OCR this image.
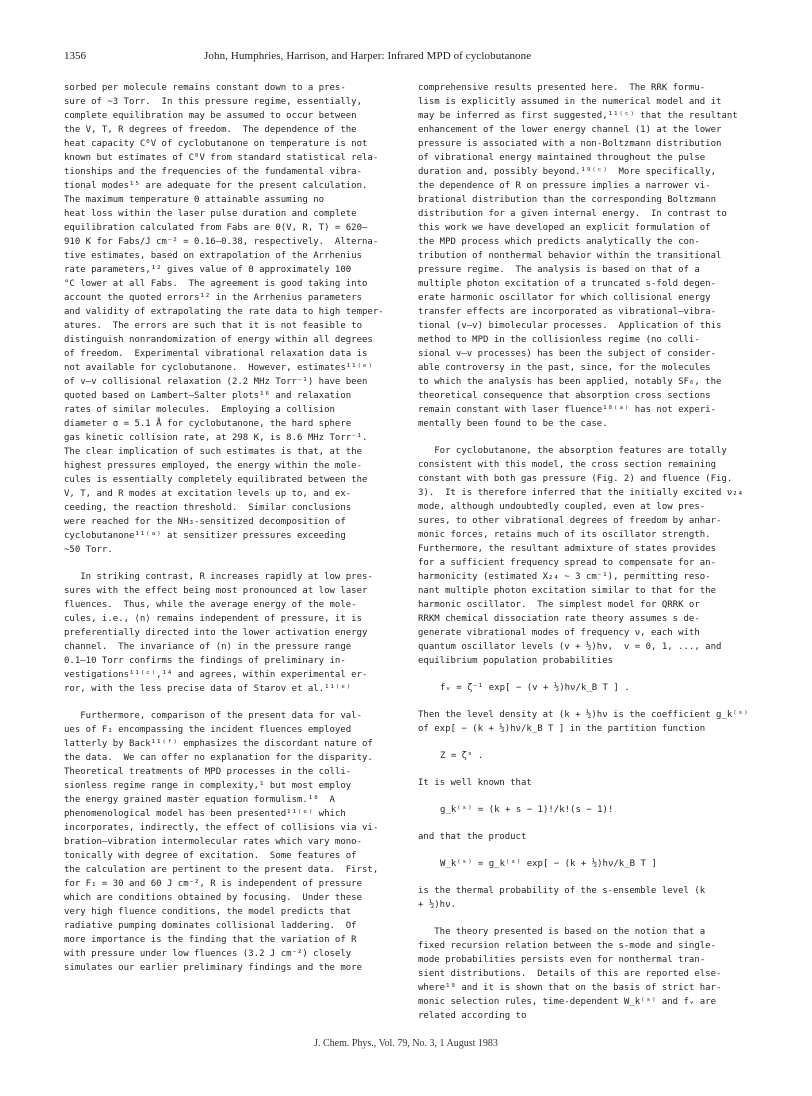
1356	John, Humphries, Harrison, and Harper: Infrared MPD of cyclobutanone
sorbed per molecule remains constant down to a pres-
sure of ~3 Torr.  In this pressure regime, essentially,
complete equilibration may be assumed to occur between
the V, T, R degrees of freedom.  The dependence of the
heat capacity C⁰V of cyclobutanone on temperature is not
known but estimates of C⁰V from standard statistical rela-
tionships and the frequencies of the fundamental vibra-
tional modes¹⁵ are adequate for the present calculation.
The maximum temperature Θ attainable assuming no
heat loss within the laser pulse duration and complete
equilibration calculated from Fabs are Θ(V, R, T) = 620–
910 K for Fabs/J cm⁻² = 0.16–0.38, respectively.  Alterna-
tive estimates, based on extrapolation of the Arrhenius
rate parameters,¹² gives value of Θ approximately 100
°C lower at all Fabs.  The agreement is good taking into
account the quoted errors¹² in the Arrhenius parameters
and validity of extrapolating the rate data to high temper-
atures.  The errors are such that it is not feasible to
distinguish nonrandomization of energy within all degrees
of freedom.  Experimental vibrational relaxation data is
not available for cyclobutanone.  However, estimates¹¹⁽ᵉ⁾
of v–v collisional relaxation (2.2 MHz Torr⁻¹) have been
quoted based on Lambert–Salter plots¹⁶ and relaxation
rates of similar molecules.  Employing a collision
diameter σ = 5.1 Å for cyclobutanone, the hard sphere
gas kinetic collision rate, at 298 K, is 8.6 MHz Torr⁻¹.
The clear implication of such estimates is that, at the
highest pressures employed, the energy within the mole-
cules is essentially completely equilibrated between the
V, T, and R modes at excitation levels up to, and ex-
ceeding, the reaction threshold.  Similar conclusions
were reached for the NH₃-sensitized decomposition of
cyclobutanone¹¹⁽ᵃ⁾ at sensitizer pressures exceeding
~50 Torr.
In striking contrast, R increases rapidly at low pres-
sures with the effect being most pronounced at low laser
fluences.  Thus, while the average energy of the mole-
cules, i.e., ⟨n⟩ remains independent of pressure, it is
preferentially directed into the lower activation energy
channel.  The invariance of ⟨n⟩ in the pressure range
0.1–10 Torr confirms the findings of preliminary in-
vestigations¹¹⁽ᶜ⁾,¹⁴ and agrees, within experimental er-
ror, with the less precise data of Starov et al.¹¹⁽ᵉ⁾
Furthermore, comparison of the present data for val-
ues of F₁ encompassing the incident fluences employed
latterly by Back¹¹⁽ᶠ⁾ emphasizes the discordant nature of
the data.  We can offer no explanation for the disparity.
Theoretical treatments of MPD processes in the colli-
sionless regime range in complexity,¹ but most employ
the energy grained master equation formulism.¹⁸  A
phenomenological model has been presented¹¹⁽ᵉ⁾ which
incorporates, indirectly, the effect of collisions via vi-
bration–vibration intermolecular rates which vary mono-
tonically with degree of excitation.  Some features of
the calculation are pertinent to the present data.  First,
for F₁ = 30 and 60 J cm⁻², R is independent of pressure
which are conditions obtained by focusing.  Under these
very high fluence conditions, the model predicts that
radiative pumping dominates collisional laddering.  Of
more importance is the finding that the variation of R
with pressure under low fluences (3.2 J cm⁻²) closely
simulates our earlier preliminary findings and the more
comprehensive results presented here.  The RRK formu-
lism is explicitly assumed in the numerical model and it
may be inferred as first suggested,¹¹⁽ᶜ⁾ that the resultant
enhancement of the lower energy channel (1) at the lower
pressure is associated with a non-Boltzmann distribution
of vibrational energy maintained throughout the pulse
duration and, possibly beyond.¹⁹⁽ᶜ⁾  More specifically,
the dependence of R on pressure implies a narrower vi-
brational distribution than the corresponding Boltzmann
distribution for a given internal energy.  In contrast to
this work we have developed an explicit formulation of
the MPD process which predicts analytically the con-
tribution of nonthermal behavior within the transitional
pressure regime.  The analysis is based on that of a
multiple photon excitation of a truncated s-fold degen-
erate harmonic oscillator for which collisional energy
transfer effects are incorporated as vibrational–vibra-
tional (v–v) bimolecular processes.  Application of this
method to MPD in the collisionless regime (no colli-
sional v–v processes) has been the subject of consider-
able controversy in the past, since, for the molecules
to which the analysis has been applied, notably SF₆, the
theoretical consequence that absorption cross sections
remain constant with laser fluence¹⁸⁽ᵃ⁾ has not experi-
mentally been found to be the case.
For cyclobutanone, the absorption features are totally
consistent with this model, the cross section remaining
constant with both gas pressure (Fig. 2) and fluence (Fig.
3).  It is therefore inferred that the initially excited ν₂₄
mode, although undoubtedly coupled, even at low pres-
sures, to other vibrational degrees of freedom by anhar-
monic forces, retains much of its oscillator strength.
Furthermore, the resultant admixture of states provides
for a sufficient frequency spread to compensate for an-
harmonicity (estimated X₂₄ ~ 3 cm⁻¹), permitting reso-
nant multiple photon excitation similar to that for the
harmonic oscillator.  The simplest model for QRRK or
RRKM chemical dissociation rate theory assumes s de-
generate vibrational modes of frequency ν, each with
quantum oscillator levels (v + ½)hν,  v = 0, 1, ..., and
equilibrium population probabilities
fᵥ = ζ⁻¹ exp[ − (v + ½)hν/k_B T ] .
Then the level density at (k + ½)hν is the coefficient g_k⁽ˢ⁾
of exp[ − (k + ½)hν/k_B T ] in the partition function
Z = ζˢ .
It is well known that
g_k⁽ˢ⁾ = (k + s − 1)!/k!(s − 1)!
and that the product
W_k⁽ˢ⁾ = g_k⁽ˢ⁾ exp[ − (k + ½)hν/k_B T ]
is the thermal probability of the s-ensemble level (k
+ ½)hν.
The theory presented is based on the notion that a
fixed recursion relation between the s-mode and single-
mode probabilities persists even for nonthermal tran-
sient distributions.  Details of this are reported else-
where¹⁹ and it is shown that on the basis of strict har-
monic selection rules, time-dependent W_k⁽ˢ⁾ and fᵥ are
related according to
J. Chem. Phys., Vol. 79, No. 3, 1 August 1983
